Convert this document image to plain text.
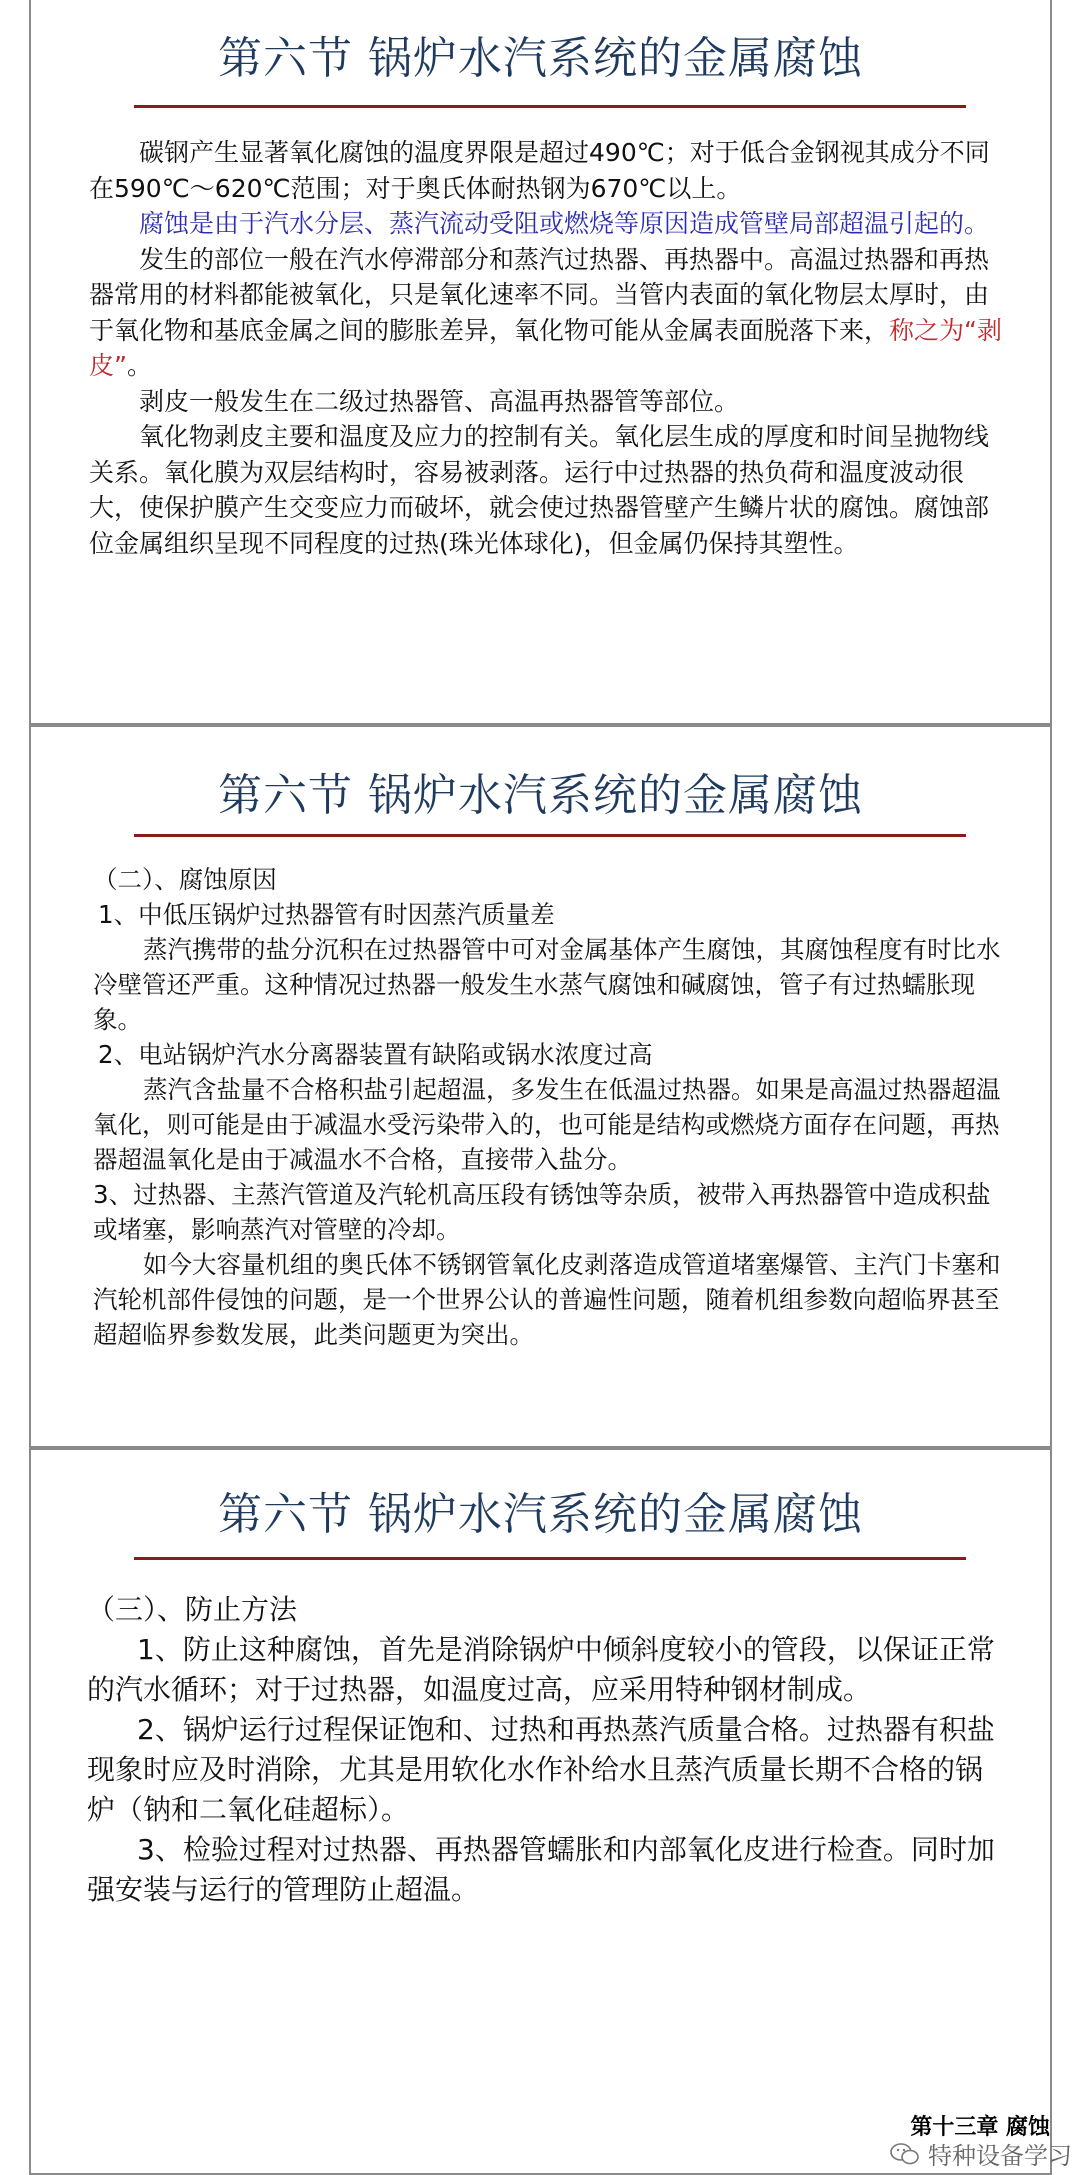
第六节 锅炉水汽系统的金属腐蚀

碳钢产生显著氧化腐蚀的温度界限是超过490℃；对于低合金钢视其成分不同在590℃～620℃范围；对于奥氏体耐热钢为670℃以上。

腐蚀是由于汽水分层、蒸汽流动受阻或燃烧等原因造成管壁局部超温引起的。

发生的部位一般在汽水停滞部分和蒸汽过热器、再热器中。高温过热器和再热器常用的材料都能被氧化，只是氧化速率不同。当管内表面的氧化物层太厚时，由于氧化物和基底金属之间的膨胀差异，氧化物可能从金属表面脱落下来，称之为“剥皮”。

剥皮一般发生在二级过热器管、高温再热器管等部位。

氧化物剥皮主要和温度及应力的控制有关。氧化层生成的厚度和时间呈抛物线关系。氧化膜为双层结构时，容易被剥落。运行中过热器的热负荷和温度波动很大，使保护膜产生交变应力而破坏，就会使过热器管壁产生鳞片状的腐蚀。腐蚀部位金属组织呈现不同程度的过热(珠光体球化)，但金属仍保持其塑性。

第六节 锅炉水汽系统的金属腐蚀

（二）、腐蚀原因

1、中低压锅炉过热器管有时因蒸汽质量差

蒸汽携带的盐分沉积在过热器管中可对金属基体产生腐蚀，其腐蚀程度有时比水冷壁管还严重。这种情况过热器一般发生水蒸气腐蚀和碱腐蚀，管子有过热蠕胀现象。

2、电站锅炉汽水分离器装置有缺陷或锅水浓度过高

蒸汽含盐量不合格积盐引起超温，多发生在低温过热器。如果是高温过热器超温氧化，则可能是由于减温水受污染带入的，也可能是结构或燃烧方面存在问题，再热器超温氧化是由于减温水不合格，直接带入盐分。

3、过热器、主蒸汽管道及汽轮机高压段有锈蚀等杂质，被带入再热器管中造成积盐或堵塞，影响蒸汽对管壁的冷却。

如今大容量机组的奥氏体不锈钢管氧化皮剥落造成管道堵塞爆管、主汽门卡塞和汽轮机部件侵蚀的问题，是一个世界公认的普遍性问题，随着机组参数向超临界甚至超超临界参数发展，此类问题更为突出。

第六节 锅炉水汽系统的金属腐蚀

（三）、防止方法

1、防止这种腐蚀，首先是消除锅炉中倾斜度较小的管段，以保证正常的汽水循环；对于过热器，如温度过高，应采用特种钢材制成。

2、锅炉运行过程保证饱和、过热和再热蒸汽质量合格。过热器有积盐现象时应及时消除，尤其是用软化水作补给水且蒸汽质量长期不合格的锅炉（钠和二氧化硅超标）。

3、检验过程对过热器、再热器管蠕胀和内部氧化皮进行检查。同时加强安装与运行的管理防止超温。

第十三章 腐蚀
特种设备学习
